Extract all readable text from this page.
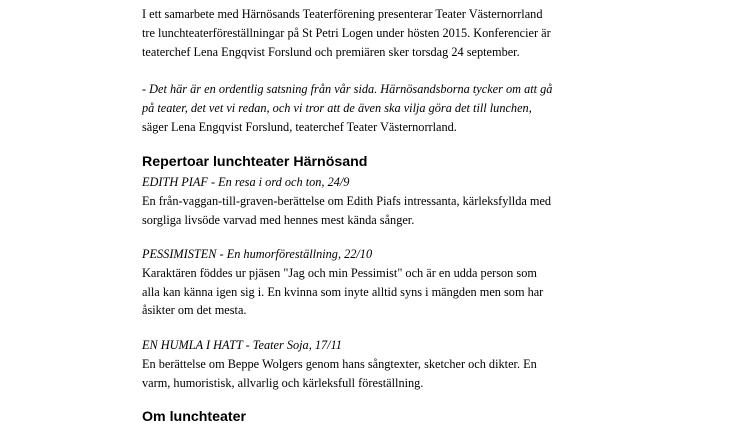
I ett samarbete med Härnösands Teaterförening presenterar Teater Västernorrland
tre lunchteaterföreställningar på St Petri Logen under hösten 2015. Konferencier är
teaterchef Lena Engqvist Forslund och premiären sker torsdag 24 september.

- Det här är en ordentlig satsning från vår sida. Härnösandsborna tycker om att gå
på teater, det vet vi redan, och vi tror att de även ska vilja göra det till lunchen,
säger Lena Engqvist Forslund, teaterchef Teater Västernorrland.

Repertoar lunchteater Härnösand

EDITH PIAF - En resa i ord och ton, 24/9
En från-vaggan-till-graven-berättelse om Edith Piafs intressanta, kärleksfyllda med
sorgliga livsöde varvad med hennes mest kända sånger.

PESSIMISTEN - En humorföreställning, 22/10
Karaktären föddes ur pjäsen "Jag och min Pessimist" och är en udda person som
alla kan känna igen sig i. En kvinna som inyte alltid syns i mängden men som har
åsikter om det mesta.

EN HUMLA I HATT - Teater Soja, 17/11
En berättelse om Beppe Wolgers genom hans sångtexter, sketcher och dikter. En
varm, humoristisk, allvarlig och kärleksfull föreställning.

Om lunchteater
